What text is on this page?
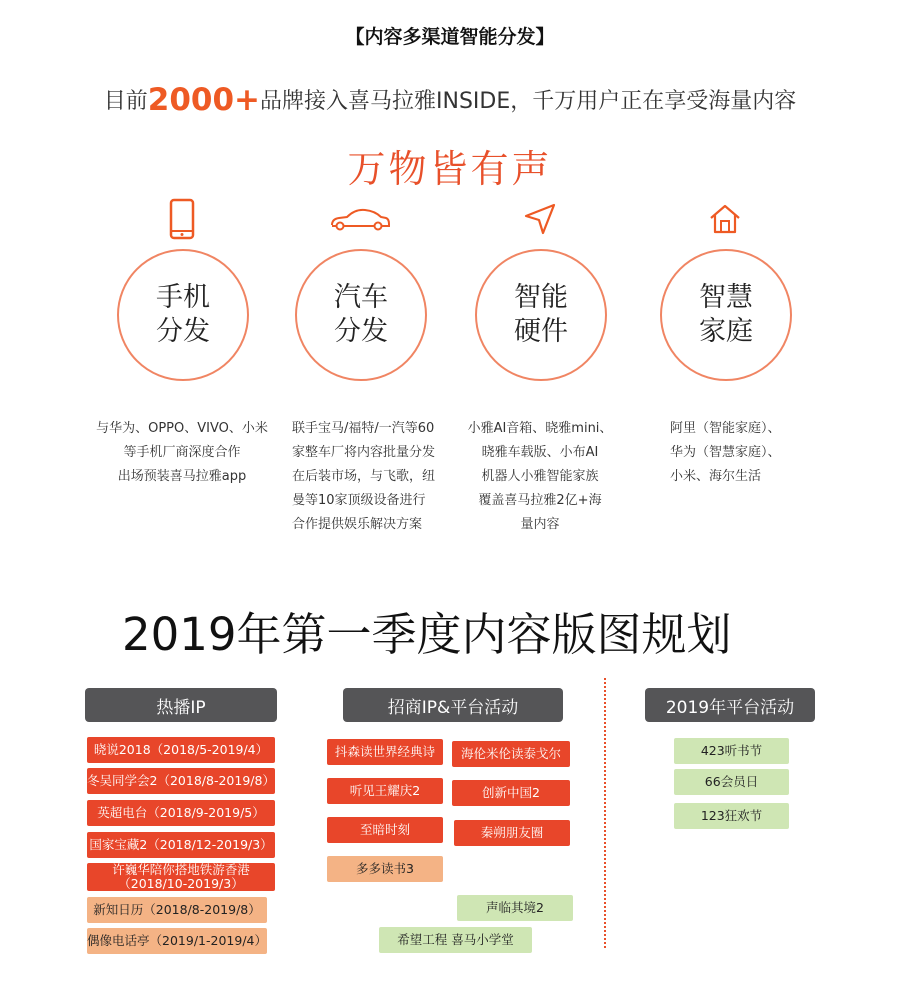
【内容多渠道智能分发】
目前2000+品牌接入喜马拉雅INSIDE，千万用户正在享受海量内容
万物皆有声
手机
分发
与华为、OPPO、VIVO、小米
等手机厂商深度合作
出场预装喜马拉雅app
汽车
分发
联手宝马/福特/一汽等60
家整车厂将内容批量分发
在后装市场，与飞歌，纽
曼等10家顶级设备进行
合作提供娱乐解决方案
智能
硬件
小雅AI音箱、晓雅mini、
晓雅车载版、小布AI
机器人小雅智能家族
覆盖喜马拉雅2亿+海
量内容
智慧
家庭
阿里（智能家庭）、
华为（智慧家庭）、
小米、海尔生活
2019年第一季度内容版图规划
热播IP	招商IP&平台活动	2019年平台活动
晓说2018（2018/5-2019/4）
冬吴同学会2（2018/8-2019/8）
英超电台（2018/9-2019/5）
国家宝藏2（2018/12-2019/3）
许巍华陪你搭地铁游香港
（2018/10-2019/3）
新知日历（2018/8-2019/8）
偶像电话亭（2019/1-2019/4）
抖森读世界经典诗	海伦米伦读泰戈尔
听见王耀庆2	创新中国2
至暗时刻	秦朔朋友圈
多多读书3
声临其境2
希望工程 喜马小学堂
423听书节
66会员日
123狂欢节
